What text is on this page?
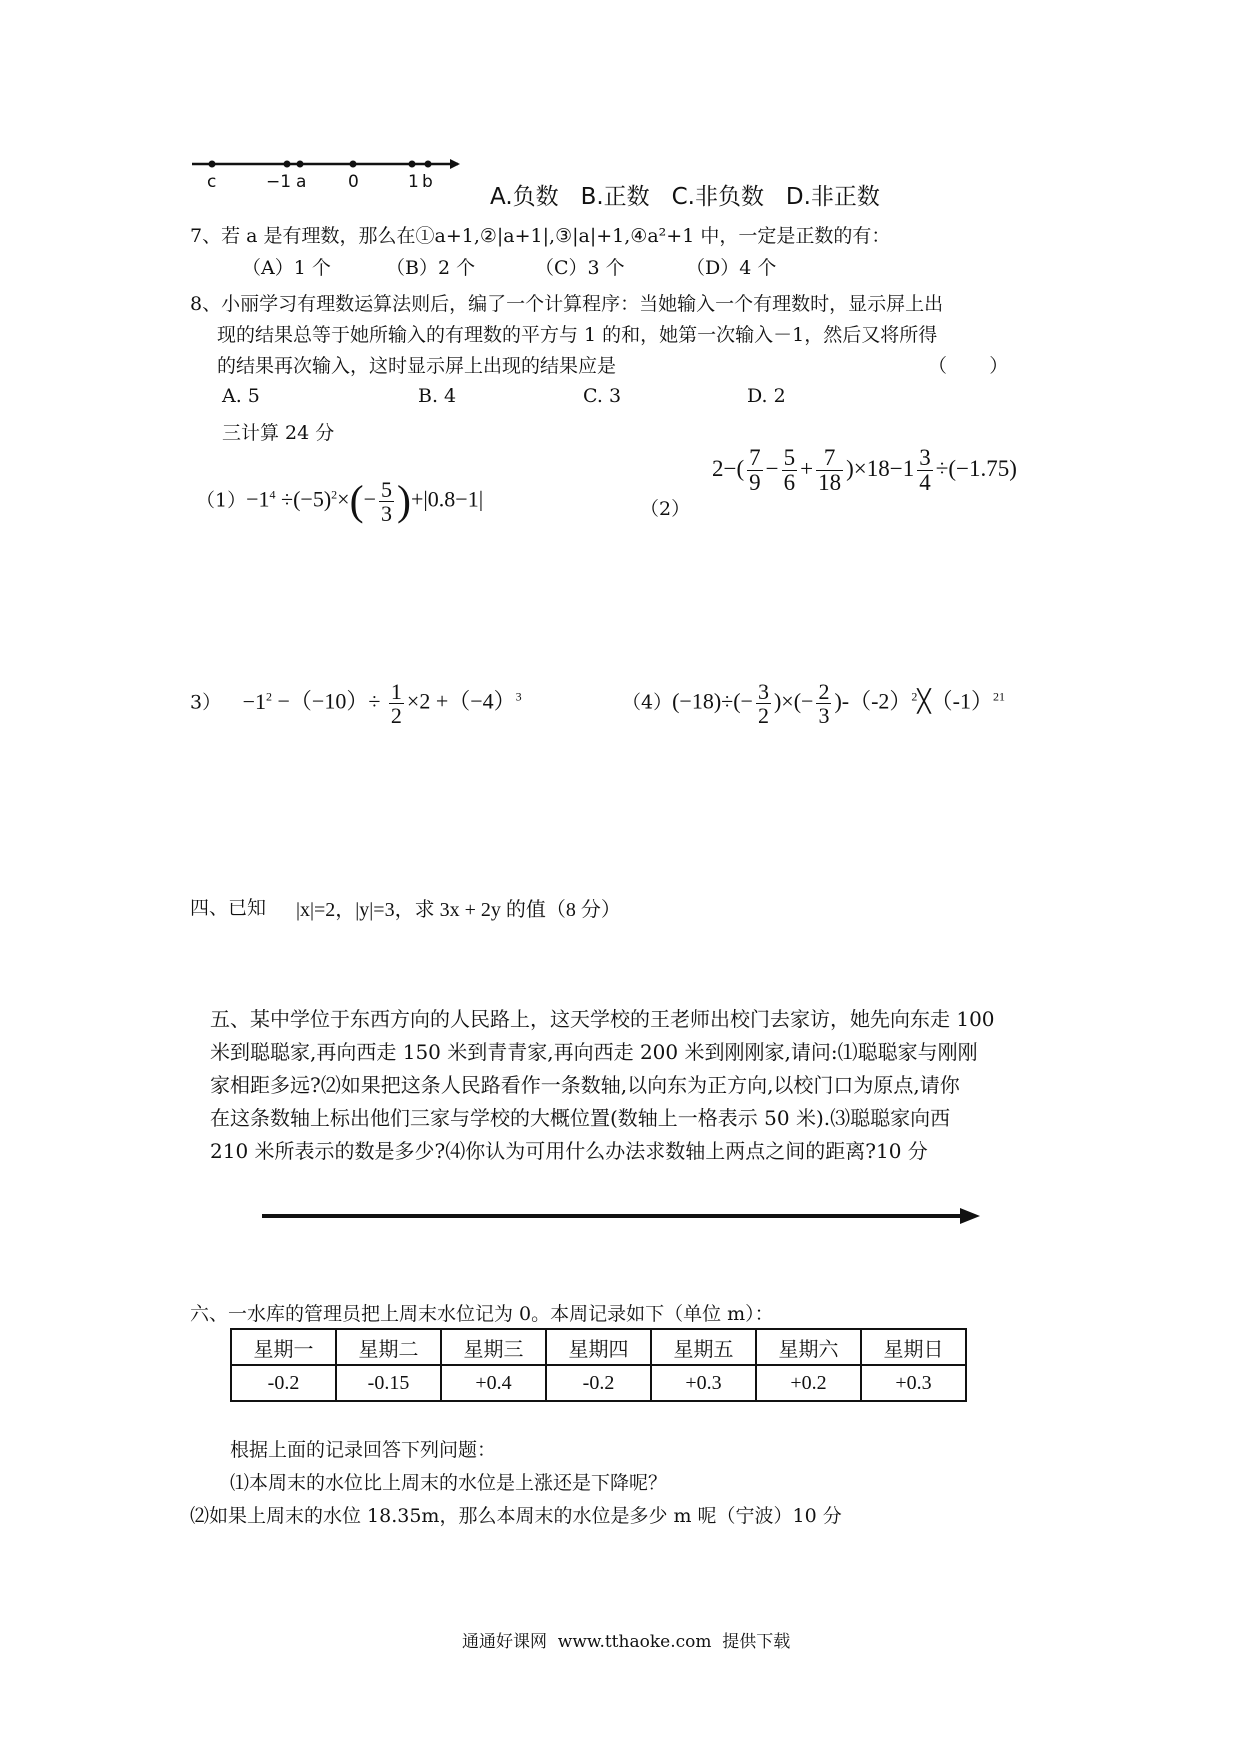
c	−1 a 0	1 b
A.负数   B.正数   C.非负数   D.非正数
7、若 a 是有理数，那么在①a+1,②|a+1|,③|a|+1,④a²+1 中，一定是正数的有：
（A）1 个	（B）2 个	（C）3 个	（D）4 个
8、小丽学习有理数运算法则后，编了一个计算程序：当她输入一个有理数时，显示屏上出
现的结果总等于她所输入的有理数的平方与 1 的和，她第一次输入－1，然后又将所得
的结果再次输入，这时显示屏上出现的结果应是	（       ）
A. 5	B. 4	C. 3	D. 2
三计算 24 分
$(1)-1^4 \div(-5)^2\times(- \frac{5}{3} )+|0.8-1|$	（2）
$2-( \frac{7}{9} - \frac{5}{6} + \frac{7}{18} )\times 18-1 \frac{3}{4} \div(-1.75)$
$3) -1^2 -(-10)\div \frac{1}{2} \times 2 +(-4)^3$	$(4)(-18)\div(- \frac{3}{2}$ )×(− $\frac{2}{3}$ )$-(-2)^2╳(-1)^{21}$
四、已知 |x|=2，|y|=3，求 3x + 2y 的值（8 分）
五、某中学位于东西方向的人民路上，这天学校的王老师出校门去家访，她先向东走 100
米到聪聪家,再向西走 150 米到青青家,再向西走 200 米到刚刚家,请问:⑴聪聪家与刚刚
家相距多远?⑵如果把这条人民路看作一条数轴,以向东为正方向,以校门口为原点,请你
在这条数轴上标出他们三家与学校的大概位置(数轴上一格表示 50 米).⑶聪聪家向西
210 米所表示的数是多少?⑷你认为可用什么办法求数轴上两点之间的距离?10 分
六、一水库的管理员把上周末水位记为 0。本周记录如下（单位 m）：
星期一	星期二	星期三	星期四	星期五	星期六	星期日
-0.2	-0.15	+0.4	-0.2	+0.3	+0.2	+0.3
根据上面的记录回答下列问题：
⑴本周末的水位比上周末的水位是上涨还是下降呢？
⑵如果上周末的水位 18.35m，那么本周末的水位是多少 m 呢（宁波）10 分
通通好课网  www.tthaoke.com  提供下载
